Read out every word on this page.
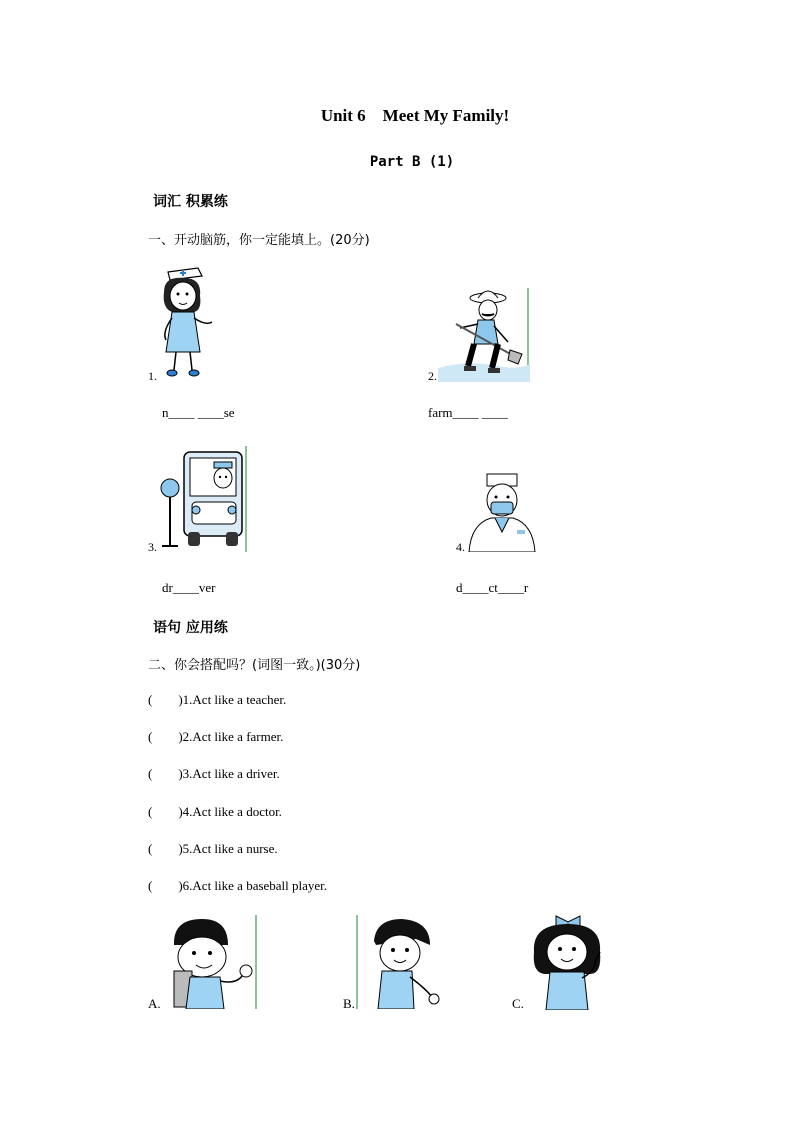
Unit 6    Meet My Family!
Part B (1)
词汇 积累练
一、开动脑筋，你一定能填上。(20分)
1.
n____ ____se
2.
farm____ ____
3.
dr____ver
4.
d____ct____r
语句 应用练
二、你会搭配吗？(词图一致。)(30分)
(        )1.Act like a teacher.
(        )2.Act like a farmer.
(        )3.Act like a driver.
(        )4.Act like a doctor.
(        )5.Act like a nurse.
(        )6.Act like a baseball player.
A.	B.	C.
